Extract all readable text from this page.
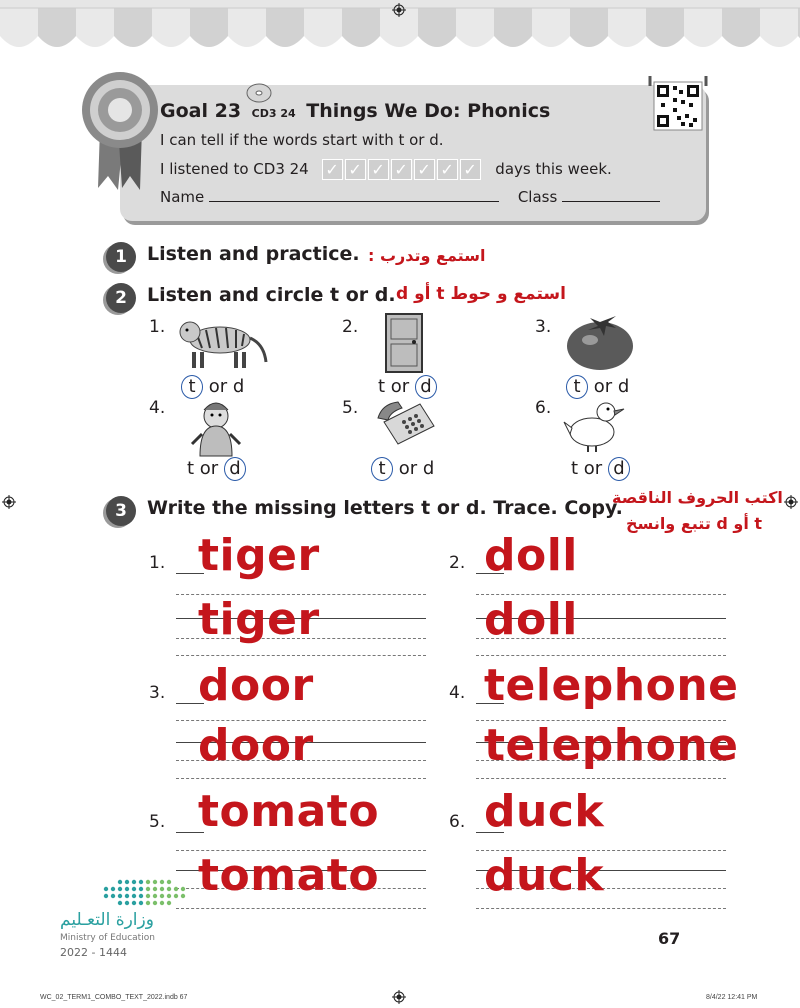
Goal 23 CD3 24 Things We Do: Phonics
I can tell if the words start with t or d.
I listened to CD3 24 ✓ ✓ ✓ ✓ ✓ ✓ ✓ days this week.
Name	Class
1	Listen and practice. استمع وتدرب :
2	Listen and circle t or d. استمع و حوط t أو d
1.
t or d
2.
t or d
3.
t or d
4.
t or d
5.
t or d
6.
t or d
3	Write the missing letters t or d. Trace. Copy.
اكتب الحروف الناقصة
t أو d تتبع وانسخ
1. tiger
tiger
2. doll
doll
3. door
door
4. telephone
telephone
5. tomato
tomato
6. duck
duck
وزارة التعـليم
Ministry of Education
2022 - 1444
67
WC_02_TERM1_COMBO_TEXT_2022.indb 67	8/4/22 12:41 PM
